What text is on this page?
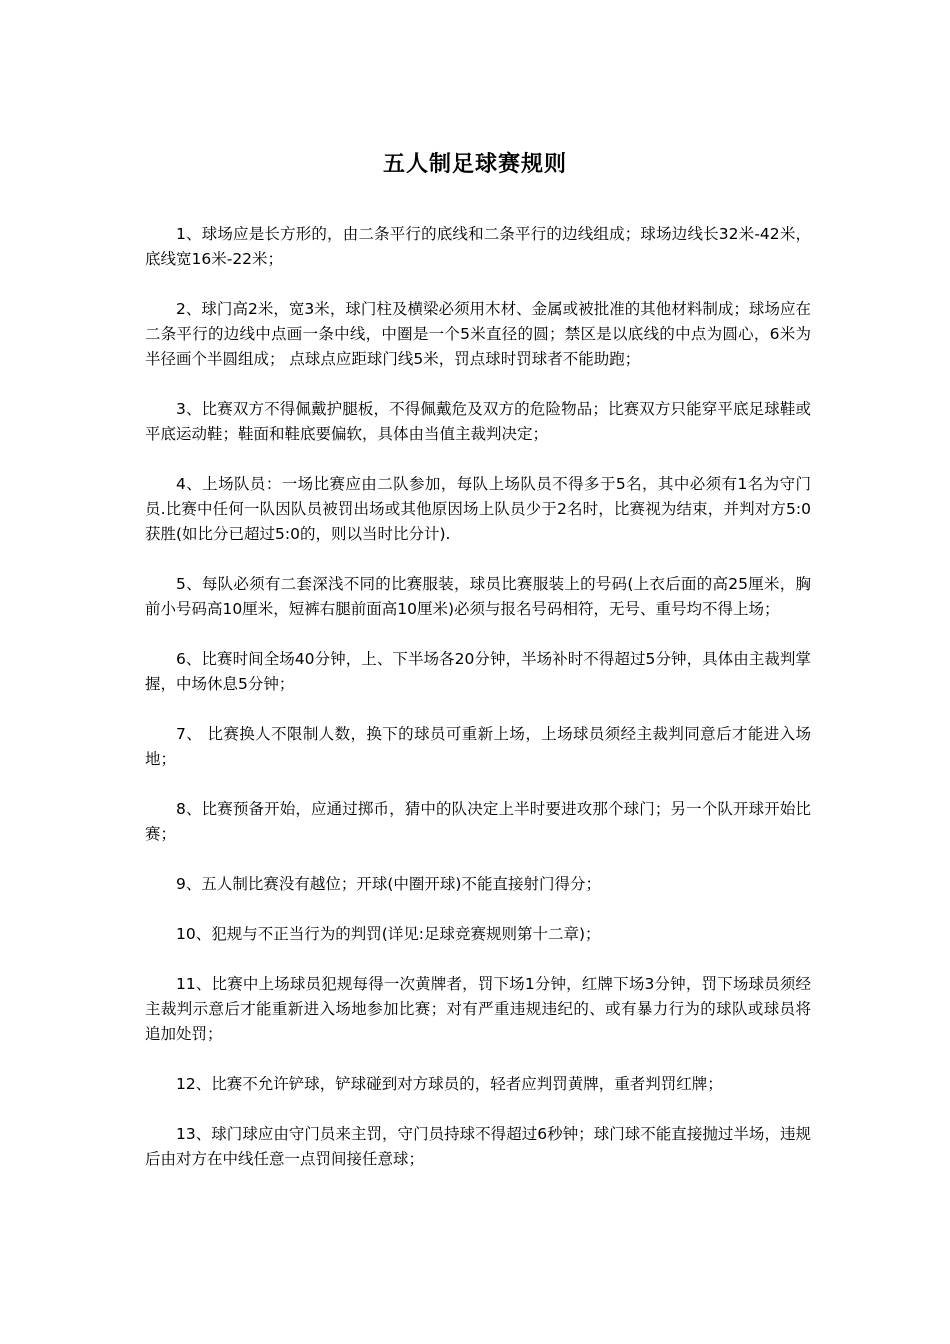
五人制足球赛规则

1、球场应是长方形的，由二条平行的底线和二条平行的边线组成；球场边线长32米-42米，底线宽16米-22米；

2、球门高2米，宽3米，球门柱及横梁必须用木材、金属或被批准的其他材料制成；球场应在二条平行的边线中点画一条中线，中圈是一个5米直径的圆；禁区是以底线的中点为圆心，6米为半径画个半圆组成； 点球点应距球门线5米，罚点球时罚球者不能助跑；

3、比赛双方不得佩戴护腿板，不得佩戴危及双方的危险物品；比赛双方只能穿平底足球鞋或平底运动鞋；鞋面和鞋底要偏软，具体由当值主裁判决定；

4、上场队员：一场比赛应由二队参加，每队上场队员不得多于5名，其中必须有1名为守门员.比赛中任何一队因队员被罚出场或其他原因场上队员少于2名时，比赛视为结束，并判对方5:0获胜(如比分已超过5:0的，则以当时比分计).

5、每队必须有二套深浅不同的比赛服装，球员比赛服装上的号码(上衣后面的高25厘米，胸前小号码高10厘米，短裤右腿前面高10厘米)必须与报名号码相符，无号、重号均不得上场；

6、比赛时间全场40分钟，上、下半场各20分钟，半场补时不得超过5分钟，具体由主裁判掌握，中场休息5分钟；

7、 比赛换人不限制人数，换下的球员可重新上场，上场球员须经主裁判同意后才能进入场地；

8、比赛预备开始，应通过掷币，猜中的队决定上半时要进攻那个球门；另一个队开球开始比赛；

9、五人制比赛没有越位；开球(中圈开球)不能直接射门得分；

10、犯规与不正当行为的判罚(详见:足球竞赛规则第十二章)；

11、比赛中上场球员犯规每得一次黄牌者，罚下场1分钟，红牌下场3分钟，罚下场球员须经主裁判示意后才能重新进入场地参加比赛；对有严重违规违纪的、或有暴力行为的球队或球员将追加处罚；

12、比赛不允许铲球，铲球碰到对方球员的，轻者应判罚黄牌，重者判罚红牌；

13、球门球应由守门员来主罚，守门员持球不得超过6秒钟；球门球不能直接抛过半场，违规后由对方在中线任意一点罚间接任意球；
